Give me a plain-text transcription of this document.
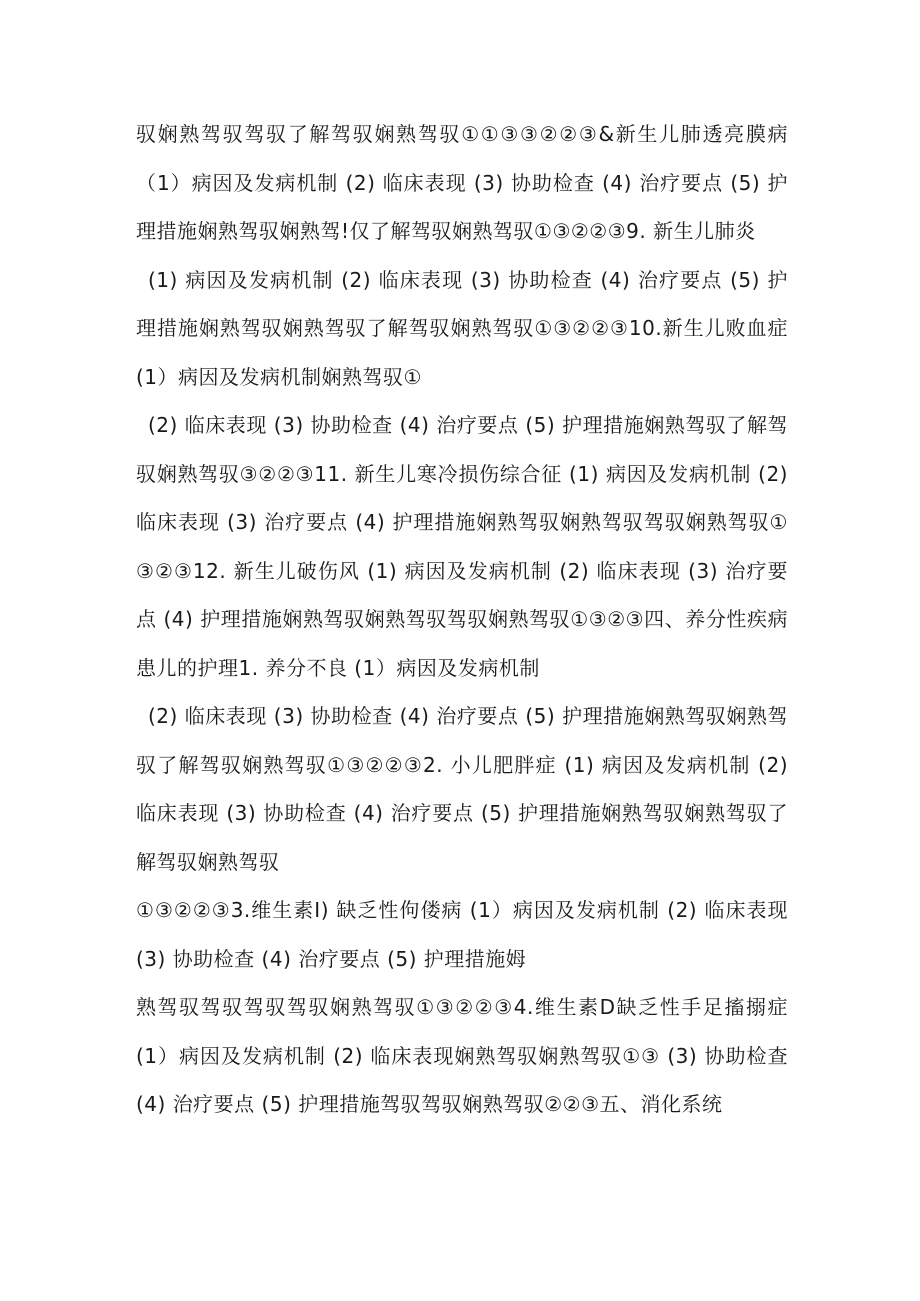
驭娴熟驾驭驾驭了解驾驭娴熟驾驭①①③③②②③&新生儿肺透亮膜病（1）病因及发病机制 (2) 临床表现 (3) 协助检查 (4) 治疗要点 (5) 护理措施娴熟驾驭娴熟驾!仅了解驾驭娴熟驾驭①③②②③9. 新生儿肺炎

(1) 病因及发病机制 (2) 临床表现 (3) 协助检查 (4) 治疗要点 (5) 护理措施娴熟驾驭娴熟驾驭了解驾驭娴熟驾驭①③②②③10.新生儿败血症(1）病因及发病机制娴熟驾驭①

(2) 临床表现 (3) 协助检查 (4) 治疗要点 (5) 护理措施娴熟驾驭了解驾驭娴熟驾驭③②②③11. 新生儿寒冷损伤综合征 (1) 病因及发病机制 (2) 临床表现 (3) 治疗要点 (4) 护理措施娴熟驾驭娴熟驾驭驾驭娴熟驾驭①③②③12. 新生儿破伤风 (1) 病因及发病机制 (2) 临床表现 (3) 治疗要点 (4) 护理措施娴熟驾驭娴熟驾驭驾驭娴熟驾驭①③②③四、养分性疾病患儿的护理1. 养分不良 (1）病因及发病机制

(2) 临床表现 (3) 协助检查 (4) 治疗要点 (5) 护理措施娴熟驾驭娴熟驾驭了解驾驭娴熟驾驭①③②②③2. 小儿肥胖症 (1) 病因及发病机制 (2) 临床表现 (3) 协助检查 (4) 治疗要点 (5) 护理措施娴熟驾驭娴熟驾驭了解驾驭娴熟驾驭

①③②②③3.维生素I) 缺乏性佝偻病 (1）病因及发病机制 (2) 临床表现 (3) 协助检查 (4) 治疗要点 (5) 护理措施姆

熟驾驭驾驭驾驭驾驭娴熟驾驭①③②②③4.维生素D缺乏性手足搐搦症 (1）病因及发病机制 (2) 临床表现娴熟驾驭娴熟驾驭①③ (3) 协助检查 (4) 治疗要点 (5) 护理措施驾驭驾驭娴熟驾驭②②③五、消化系统
